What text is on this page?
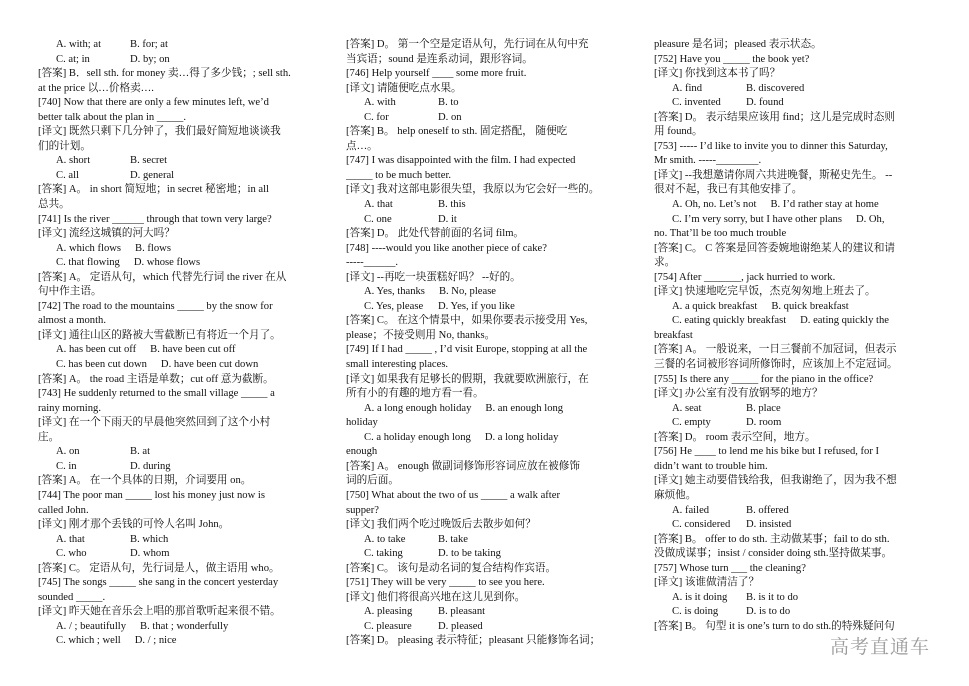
A. with; at	B. for; at
C. at; in	D. by; on
[答案] B．sell sth. for money 卖…得了多少钱；; sell sth.
at the price 以…价格卖….
[740] Now that there are only a few minutes left, we’d
better talk about the plan in _____.
[译文] 既然只剩下几分钟了，我们最好简短地谈谈我
们的计划。
A. short	B. secret
C. all	D. general
[答案] A。 in short 简短地；in secret 秘密地；in all
总共。
[741] Is the river ______ through that town very large?
[译文] 流经这城镇的河大吗？
A. which flows B. flows
C. that flowing D. whose flows
[答案] A。 定语从句，which 代替先行词 the river 在从
句中作主语。
[742] The road to the mountains _____ by the snow for
almost a month.
[译文] 通往山区的路被大雪截断已有将近一个月了。
A. has been cut off B. have been cut off
C. has been cut down D. have been cut down
[答案] A。 the road 主语是单数；cut off 意为截断。
[743] He suddenly returned to the small village _____ a
rainy morning.
[译文] 在一个下雨天的早晨他突然回到了这个小村
庄。
A. on	B. at
C. in	D. during
[答案] A。 在一个具体的日期，介词要用 on。
[744] The poor man _____ lost his money just now is
called John.
[译文] 刚才那个丢钱的可怜人名叫 John。
A. that	B. which
C. who	D. whom
[答案] C。 定语从句，先行词是人，做主语用 who。
[745] The songs _____ she sang in the concert yesterday
sounded _____.
[译文] 昨天她在音乐会上唱的那首歌听起来很不错。
A. / ; beautifully B. that ; wonderfully
C. which ; well D. / ; nice
[答案] D。 第一个空是定语从句，先行词在从句中充
当宾语；sound 是连系动词，跟形容词。
[746] Help yourself ____ some more fruit.
[译文] 请随便吃点水果。
A. with	B. to
C. for	D. on
[答案] B。 help oneself to sth. 固定搭配， 随便吃
点…。
[747] I was disappointed with the film. I had expected
_____ to be much better.
[译文] 我对这部电影很失望，我原以为它会好一些的。
A. that	B. this
C. one	D. it
[答案] D。 此处代替前面的名词 film。
[748] ----would you like another piece of cake?
-----______.
[译文] --再吃一块蛋糕好吗？ --好的。
A. Yes, thanks B. No, please
C. Yes, please D. Yes, if you like
[答案] C。 在这个情景中，如果你要表示接受用 Yes,
please；不接受则用 No, thanks。
[749] If I had _____ , I’d visit Europe, stopping at all the
small interesting places.
[译文] 如果我有足够长的假期，我就要欧洲旅行，在
所有小的有趣的地方看一看。
A. a long enough holiday B. an enough long
holiday
C. a holiday enough long D. a long holiday
enough
[答案] A。 enough 做副词修饰形容词应放在被修饰
词的后面。
[750] What about the two of us _____ a walk after
supper?
[译文] 我们两个吃过晚饭后去散步如何？
A. to take	B. take
C. taking	D. to be taking
[答案] C。 该句是动名词的复合结构作宾语。
[751] They will be very _____ to see you here.
[译文] 他们将很高兴地在这儿见到你。
A. pleasing B. pleasant
C. pleasure D. pleased
[答案] D。 pleasing 表示特征；pleasant 只能修饰名词；
pleasure 是名词；pleased 表示状态。
[752] Have you _____ the book yet?
[译文] 你找到这本书了吗？
A. find	B. discovered
C. invented D. found
[答案] D。 表示结果应该用 find；这儿是完成时态则
用 found。
[753] ----- I’d like to invite you to dinner this Saturday,
Mr smith. -----________.
[译文] --我想邀请你周六共进晚餐，斯秘史先生。 --
很对不起，我已有其他安排了。
A. Oh, no. Let’s not B. I’d rather stay at home
C. I’m very sorry, but I have other plans D. Oh,
no. That’ll be too much trouble
[答案] C。 C 答案是回答委婉地谢绝某人的建议和请
求。
[754] After _______, jack hurried to work.
[译文] 快速地吃完早饭，杰克匆匆地上班去了。
A. a quick breakfast B. quick breakfast
C. eating quickly breakfast D. eating quickly the
breakfast
[答案] A。 一般说来，一日三餐前不加冠词，但表示
三餐的名词被形容词所修饰时，应该加上不定冠词。
[755] Is there any _____ for the piano in the office?
[译文] 办公室有没有放钢琴的地方？
A. seat	B. place
C. empty	D. room
[答案] D。 room 表示空间，地方。
[756] He ____ to lend me his bike but I refused, for I
didn’t want to trouble him.
[译文] 她主动要借钱给我，但我谢绝了，因为我不想
麻烦他。
A. failed	B. offered
C. considered D. insisted
[答案] B。 offer to do sth. 主动做某事；fail to do sth.
没做成谋事；insist / consider doing sth.坚持做某事。
[757] Whose turn ___ the cleaning?
[译文] 该谁做清洁了？
A. is it doing B. is it to do
C. is doing	D. is to do
[答案] B。 句型 it is one’s turn to do sth.的特殊疑问句
高考直通车
